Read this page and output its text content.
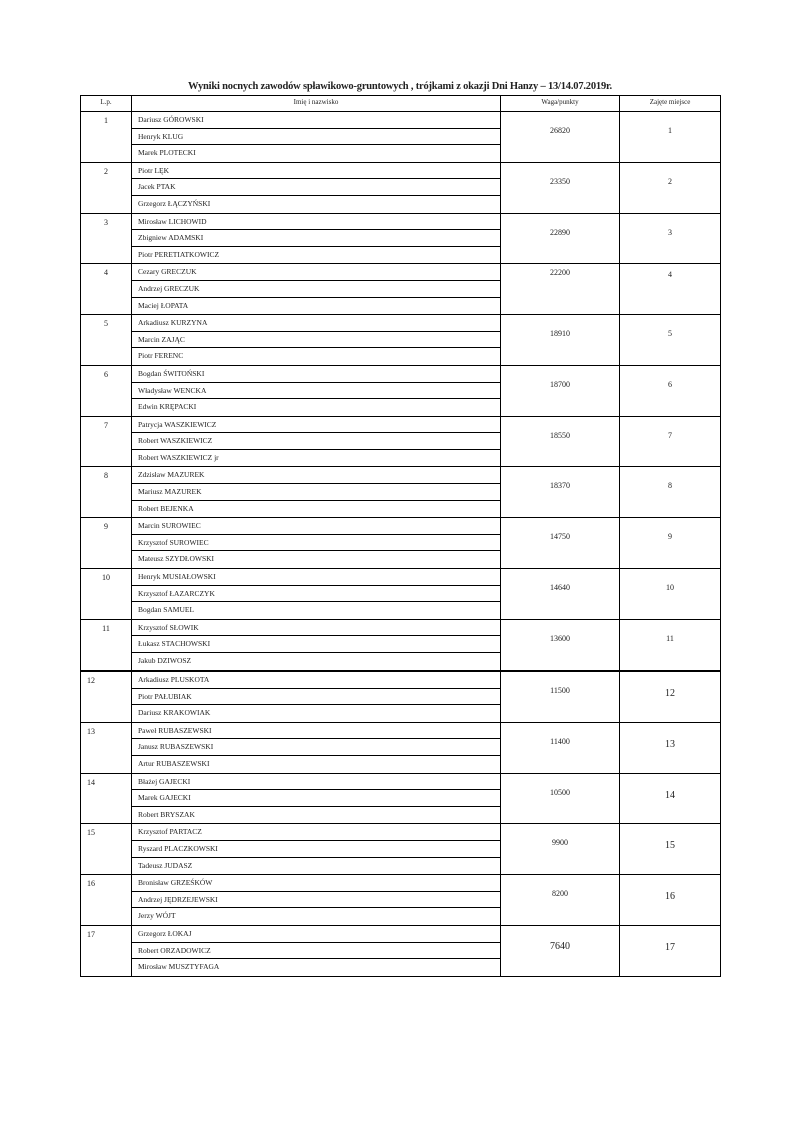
Wyniki nocnych zawodów spławikowo-gruntowych , trójkami z okazji Dni Hanzy – 13/14.07.2019r.
L.p.	Imię i nazwisko	Waga/punkty	Zajęte miejsce
1	Dariusz GÓROWSKI
Henryk KLUG
Marek PLOTECKI	26820	1
2	Piotr LĘK
Jacek PTAK
Grzegorz ŁĄCZYŃSKI	23350	2
3	Mirosław LICHOWID
Zbigniew ADAMSKI
Piotr PERETIATKOWICZ	22890	3
4	Cezary GRECZUK
Andrzej GRECZUK
Maciej ŁOPATA	22200	4
5	Arkadiusz KURZYNA
Marcin ZAJĄC
Piotr FERENC	18910	5
6	Bogdan ŚWITOŃSKI
Władysław WENCKA
Edwin KRĘPACKI	18700	6
7	Patrycja WASZKIEWICZ
Robert WASZKIEWICZ
Robert WASZKIEWICZ jr	18550	7
8	Zdzisław MAZUREK
Mariusz MAZUREK
Robert BEJENKA	18370	8
9	Marcin SUROWIEC
Krzysztof SUROWIEC
Mateusz SZYDŁOWSKI	14750	9
10	Henryk MUSIAŁOWSKI
Krzysztof ŁAZARCZYK
Bogdan SAMUEL	14640	10
11	Krzysztof SŁOWIK
Łukasz STACHOWSKI
Jakub DZIWOSZ	13600	11
12	Arkadiusz PLUSKOTA
Piotr PAŁUBIAK
Dariusz KRAKOWIAK	11500	12
13	Paweł RUBASZEWSKI
Janusz RUBASZEWSKI
Artur RUBASZEWSKI	11400	13
14	Błażej GAJECKI
Marek GAJECKI
Robert BRYSZAK	10500	14
15	Krzysztof PARTACZ
Ryszard PLACZKOWSKI
Tadeusz JUDASZ	9900	15
16	Bronisław GRZEŚKÓW
Andrzej JĘDRZEJEWSKI
Jerzy WÓJT	8200	16
17	Grzegorz ŁOKAJ
Robert ORZADOWICZ
Mirosław MUSZTYFAGA	7640	17
